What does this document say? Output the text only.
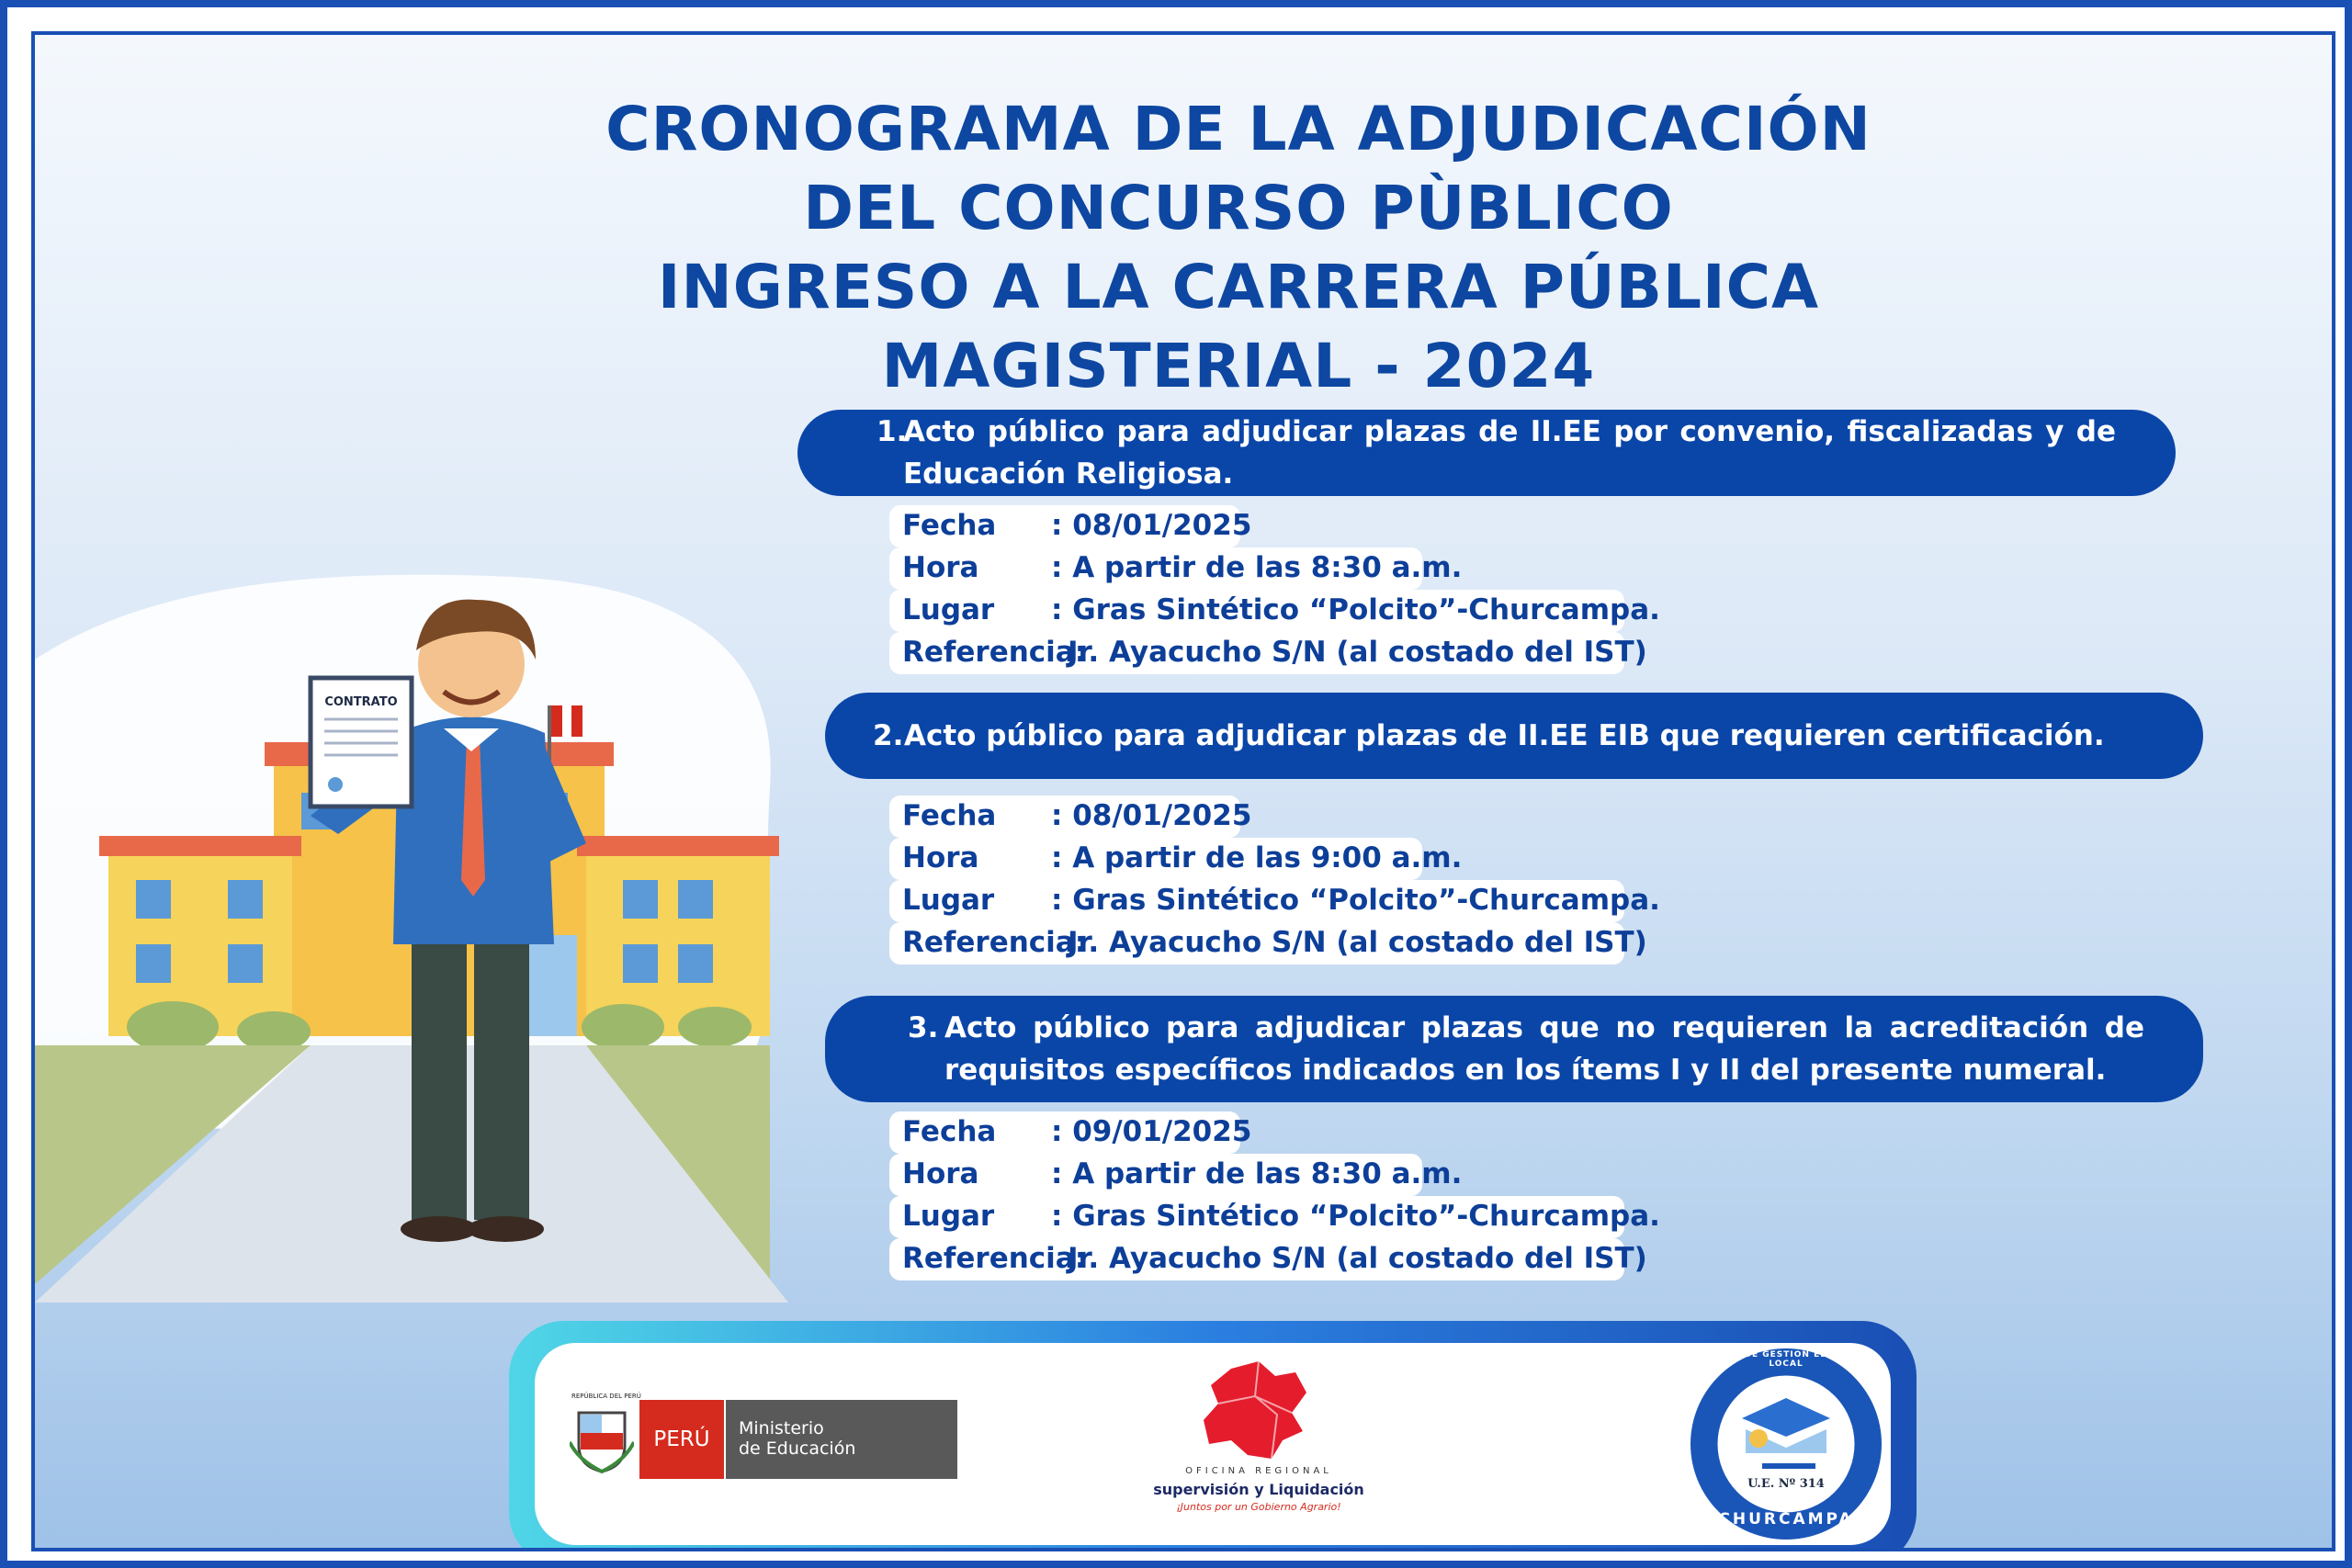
CRONOGRAMA DE LA ADJUDICACIÓN
DEL CONCURSO PÙBLICO
INGRESO A LA CARRERA PÚBLICA
MAGISTERIAL - 2024
CONTRATO
1.
Acto público para adjudicar plazas de II.EE por convenio, fiscalizadas y de Educación Religiosa.
Fecha : 08/01/2025
Hora	: A partir de las 8:30 a.m.
Lugar : Gras Sintético “Polcito”-Churcampa.
Referencia:
Jr. Ayacucho S/N (al costado del IST)
2. Acto público para adjudicar plazas de II.EE EIB que requieren certificación.
Fecha : 08/01/2025
Hora	: A partir de las 9:00 a.m.
Lugar : Gras Sintético “Polcito”-Churcampa.
Referencia:
Jr. Ayacucho S/N (al costado del IST)
3. Acto público para adjudicar plazas que no requieren la acreditación de requisitos específicos indicados en los ítems I y II del presente numeral.
Fecha : 09/01/2025
Hora	: A partir de las 8:30 a.m.
Lugar : Gras Sintético “Polcito”-Churcampa.
Referencia:
Jr. Ayacucho S/N (al costado del IST)
REPÚBLICA DEL PERÚ
PERÚ	Ministerio
de Educación
OFICINA REGIONAL
supervisión y Liquidación
¡Juntos por un Gobierno Agrario!
UNIDAD DE GESTION EDUCATIVA LOCAL
U.E. Nº 314
CHURCAMPA
